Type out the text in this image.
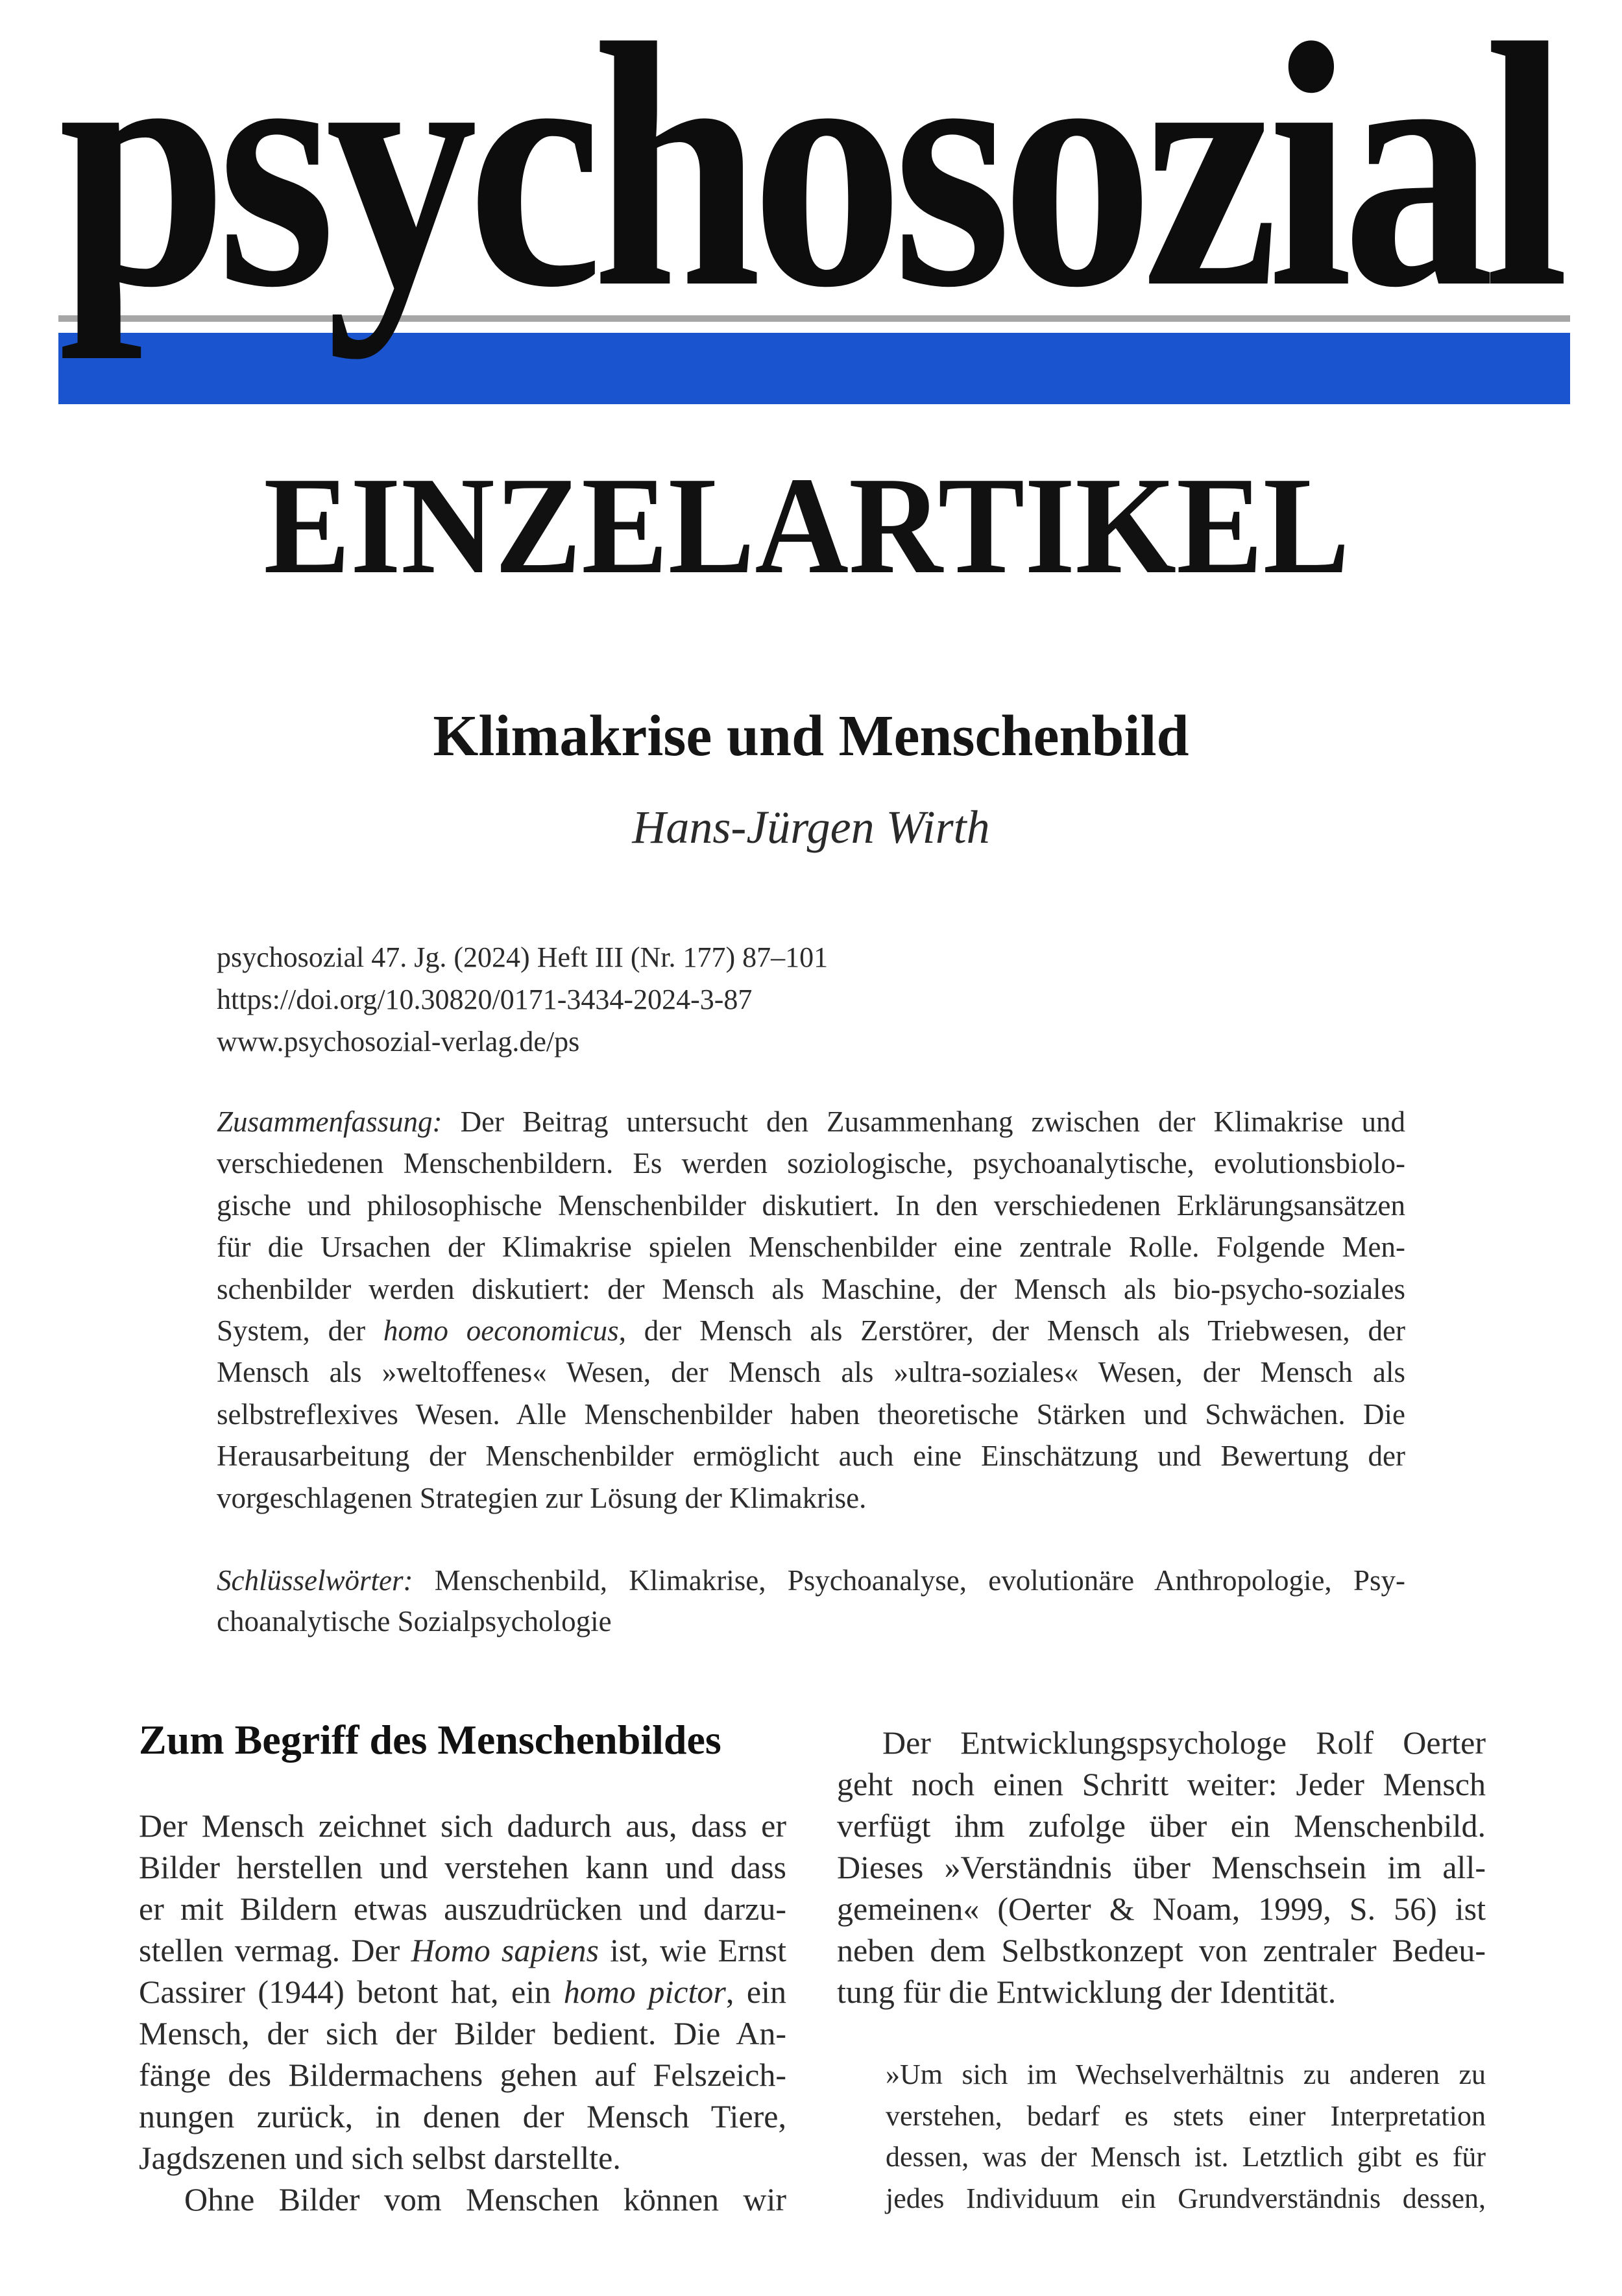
psychosozial
EINZELARTIKEL
Klimakrise und Menschenbild
Hans-Jürgen Wirth
psychosozial 47. Jg. (2024) Heft III (Nr. 177) 87–101
https://doi.org/10.30820/0171-3434-2024-3-87
www.psychosozial-verlag.de/ps
Zusammenfassung: Der Beitrag untersucht den Zusammenhang zwischen der Klimakrise und
verschiedenen Menschenbildern. Es werden soziologische, psychoanalytische, evolutionsbiolo-
gische und philosophische Menschenbilder diskutiert. In den verschiedenen Erklärungsansätzen
für die Ursachen der Klimakrise spielen Menschenbilder eine zentrale Rolle. Folgende Men-
schenbilder werden diskutiert: der Mensch als Maschine, der Mensch als bio-psycho-soziales
System, der homo oeconomicus, der Mensch als Zerstörer, der Mensch als Triebwesen, der
Mensch als »weltoffenes« Wesen, der Mensch als »ultra-soziales« Wesen, der Mensch als
selbstreflexives Wesen. Alle Menschenbilder haben theoretische Stärken und Schwächen. Die
Herausarbeitung der Menschenbilder ermöglicht auch eine Einschätzung und Bewertung der
vorgeschlagenen Strategien zur Lösung der Klimakrise.
Schlüsselwörter: Menschenbild, Klimakrise, Psychoanalyse, evolutionäre Anthropologie, Psy-
choanalytische Sozialpsychologie
Zum Begriff des Menschenbildes
Der Mensch zeichnet sich dadurch aus, dass er
Bilder herstellen und verstehen kann und dass
er mit Bildern etwas auszudrücken und darzu-
stellen vermag. Der Homo sapiens ist, wie Ernst
Cassirer (1944) betont hat, ein homo pictor, ein
Mensch, der sich der Bilder bedient. Die An-
fänge des Bildermachens gehen auf Felszeich-
nungen zurück, in denen der Mensch Tiere,
Jagdszenen und sich selbst darstellte.
Ohne Bilder vom Menschen können wir
Der Entwicklungspsychologe Rolf Oerter
geht noch einen Schritt weiter: Jeder Mensch
verfügt ihm zufolge über ein Menschenbild.
Dieses »Verständnis über Menschsein im all-
gemeinen« (Oerter & Noam, 1999, S. 56) ist
neben dem Selbstkonzept von zentraler Bedeu-
tung für die Entwicklung der Identität.
»Um sich im Wechselverhältnis zu anderen zu
verstehen, bedarf es stets einer Interpretation
dessen, was der Mensch ist. Letztlich gibt es für
jedes Individuum ein Grundverständnis dessen,
